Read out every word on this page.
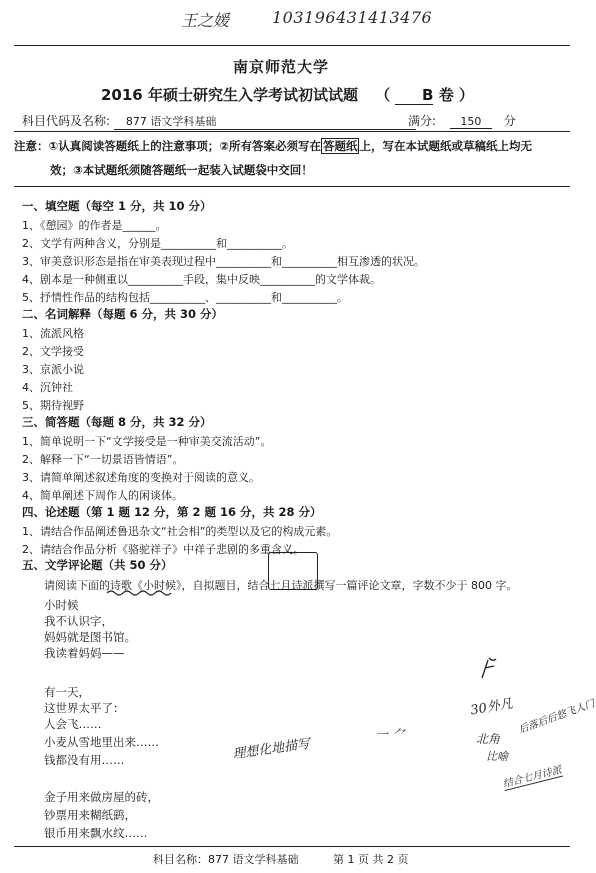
王之媛	103196431413476
南京师范大学
2016 年硕士研究生入学考试初试试题 （ B 卷 ）
科目代码及名称: 877 语文学科基础	满分: 150 分
注意：①认真阅读答题纸上的注意事项；②所有答案必须写在 答题纸 上，写在本试题纸或草稿纸上均无
效；③本试题纸须随答题纸一起装入试题袋中交回！
一、填空题（每空 1 分，共 10 分）
1、《憩园》的作者是______。
2、文学有两种含义，分别是__________和__________。
3、审美意识形态是指在审美表现过程中__________和__________相互渗透的状况。
4、剧本是一种侧重以__________手段，集中反映__________的文学体裁。
5、抒情性作品的结构包括__________、__________和__________。
二、名词解释（每题 6 分，共 30 分）
1、流派风格
2、文学接受
3、京派小说
4、沉钟社
5、期待视野
三、简答题（每题 8 分，共 32 分）
1、简单说明一下“文学接受是一种审美交流活动”。
2、解释一下“一切景语皆情语”。
3、请简单阐述叙述角度的变换对于阅读的意义。
4、简单阐述下周作人的闲谈体。
四、论述题（第 1 题 12 分，第 2 题 16 分，共 28 分）
1、请结合作品阐述鲁迅杂文“社会相”的类型以及它的构成元素。
2、请结合作品分析《骆驼祥子》中祥子悲剧的多重含义。
五、文学评论题（共 50 分）
请阅读下面的诗歌《小时候》，自拟题目，结合七月诗派撰写一篇评论文章，字数不少于 800 字。
小时候
我不认识字，
妈妈就是图书馆。
我读着妈妈——
有一天，
这世界太平了：
人会飞……
小麦从雪地里出来……
钱都没有用……
金子用来做房屋的砖，
钞票用来糊纸鹞，
银币用来飘水纹……
30外凡
理想化地描写
一 ⺈	北角
比喻
后落后后悠飞人门
结合七月诗派
科目名称：877 语文学科基础	第 1 页 共 2 页
